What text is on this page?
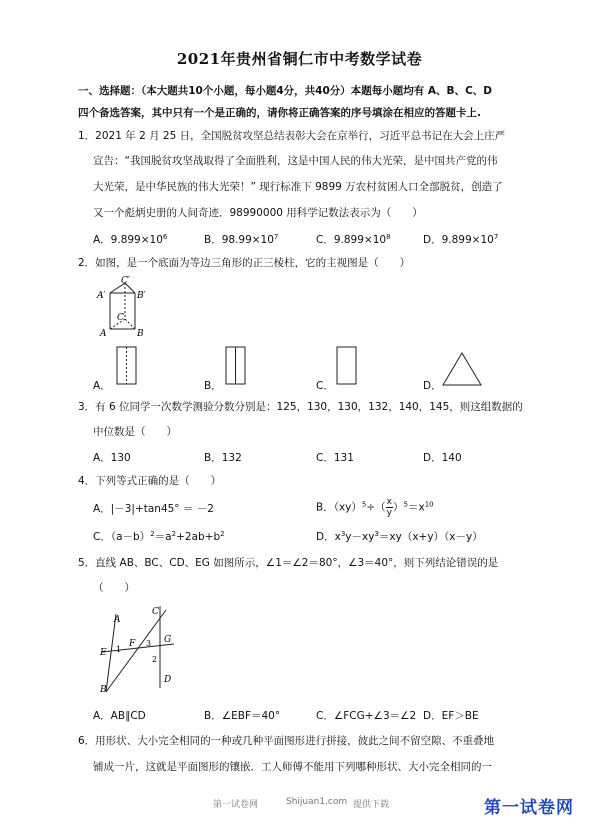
2021年贵州省铜仁市中考数学试卷
一、选择题：（本大题共10个小题，每小题4分，共40分）本题每小题均有 A、B、C、D
四个备选答案，其中只有一个是正确的，请你将正确答案的序号填涂在相应的答题卡上.
1．2021 年 2 月 25 日，全国脱贫攻坚总结表彰大会在京举行，习近平总书记在大会上庄严
宣告：“我国脱贫攻坚战取得了全面胜利，这是中国人民的伟大光荣，是中国共产党的伟
大光荣，是中华民族的伟大光荣！” 现行标准下 9899 万农村贫困人口全部脱贫，创造了
又一个彪炳史册的人间奇迹．98990000 用科学记数法表示为（　　）
A．$9.899\times 10^6$	B．$98.99\times 10^7$	C．$9.899\times 10^8$	D．$9.899\times 10^7$
2．如图，是一个底面为等边三角形的正三棱柱，它的主视图是（　　）
A′	B′
C′
A	B
C
A．	B．	C．	D．
3．有 6 位同学一次数学测验分数分别是：125，130，130，132，140，145，则这组数据的
中位数是（　　）
A．130	B．132	C．131	D．140
4．下列等式正确的是（　　）
A．|－3|+tan45° ＝ －2	B．$(xy)^5\div( \frac{x}{y} )^5=x^{10}$
C．$(a-b)^2=a^2+2ab+b^2$	D．$x^3y-xy^3=xy(x+y)(x-y)$
5．直线 AB、BC、CD、EG 如图所示，∠1＝∠2＝80°，∠3＝40°，则下列结论错误的是
（　　）
A
B
C
D
E
F	G
1
2
3
A．AB∥CD	B．∠EBF＝40°	C．∠FCG+∠3＝∠2 D．EF＞BE
6．用形状、大小完全相同的一种或几种平面图形进行拼接，彼此之间不留空隙、不重叠地
铺成一片，这就是平面图形的镶嵌．工人师傅不能用下列哪种形状、大小完全相同的一
第一试卷网	Shijuan1.com 提供下载	第一试卷网
